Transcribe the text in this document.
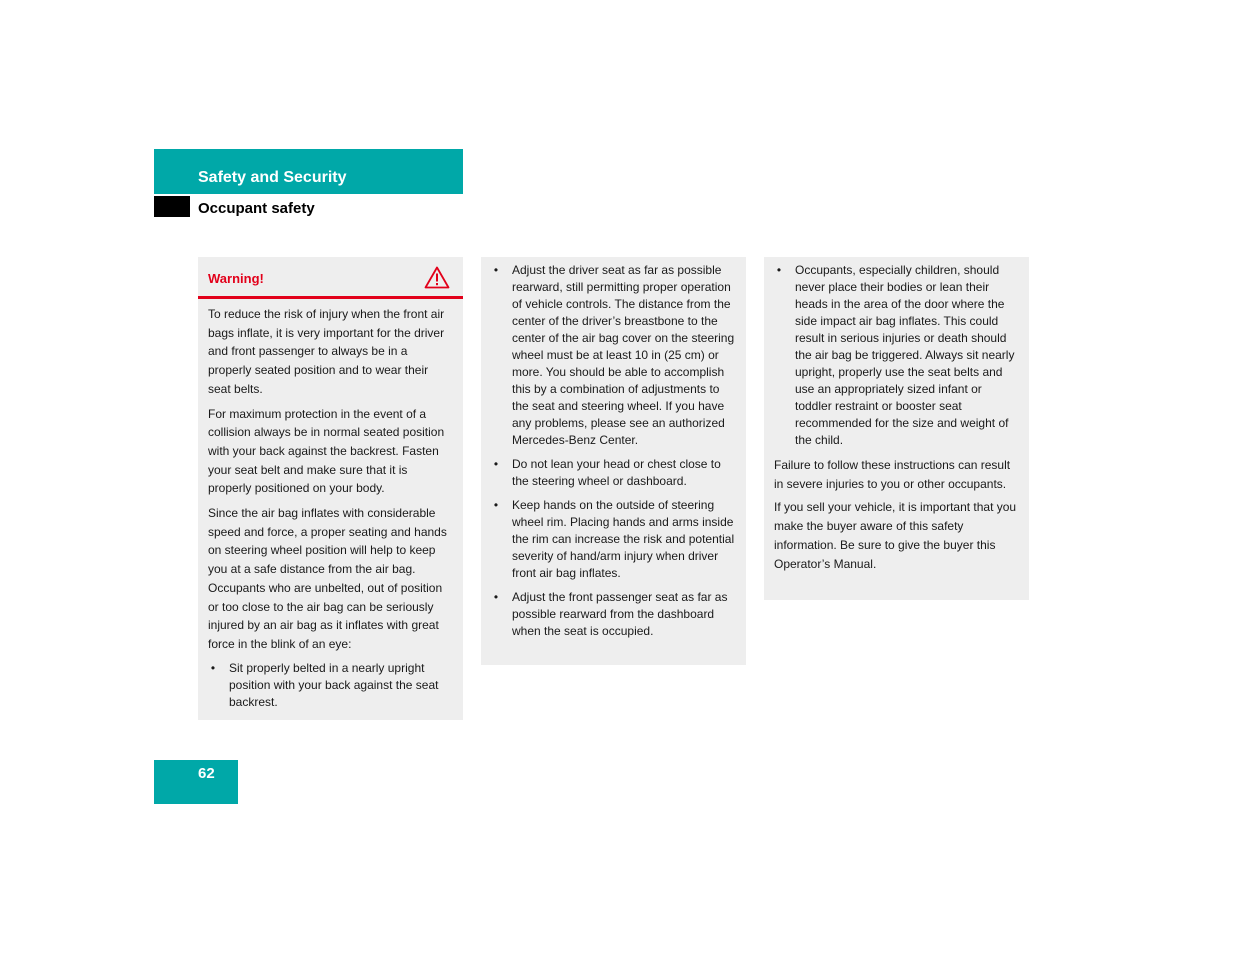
Safety and Security
Occupant safety
Warning!

To reduce the risk of injury when the front air bags inflate, it is very important for the driver and front passenger to always be in a properly seated position and to wear their seat belts.

For maximum protection in the event of a collision always be in normal seated position with your back against the backrest. Fasten your seat belt and make sure that it is properly positioned on your body.

Since the air bag inflates with considerable speed and force, a proper seating and hands on steering wheel position will help to keep you at a safe distance from the air bag. Occupants who are unbelted, out of position or too close to the air bag can be seriously injured by an air bag as it inflates with great force in the blink of an eye:

• Sit properly belted in a nearly upright position with your back against the seat backrest.
• Adjust the driver seat as far as possible rearward, still permitting proper operation of vehicle controls. The distance from the center of the driver’s breastbone to the center of the air bag cover on the steering wheel must be at least 10 in (25 cm) or more. You should be able to accomplish this by a combination of adjustments to the seat and steering wheel. If you have any problems, please see an authorized Mercedes-Benz Center.
• Do not lean your head or chest close to the steering wheel or dashboard.
• Keep hands on the outside of steering wheel rim. Placing hands and arms inside the rim can increase the risk and potential severity of hand/arm injury when driver front air bag inflates.
• Adjust the front passenger seat as far as possible rearward from the dashboard when the seat is occupied.
• Occupants, especially children, should never place their bodies or lean their heads in the area of the door where the side impact air bag inflates. This could result in serious injuries or death should the air bag be triggered. Always sit nearly upright, properly use the seat belts and use an appropriately sized infant or toddler restraint or booster seat recommended for the size and weight of the child.

Failure to follow these instructions can result in severe injuries to you or other occupants.

If you sell your vehicle, it is important that you make the buyer aware of this safety information. Be sure to give the buyer this Operator’s Manual.

62
